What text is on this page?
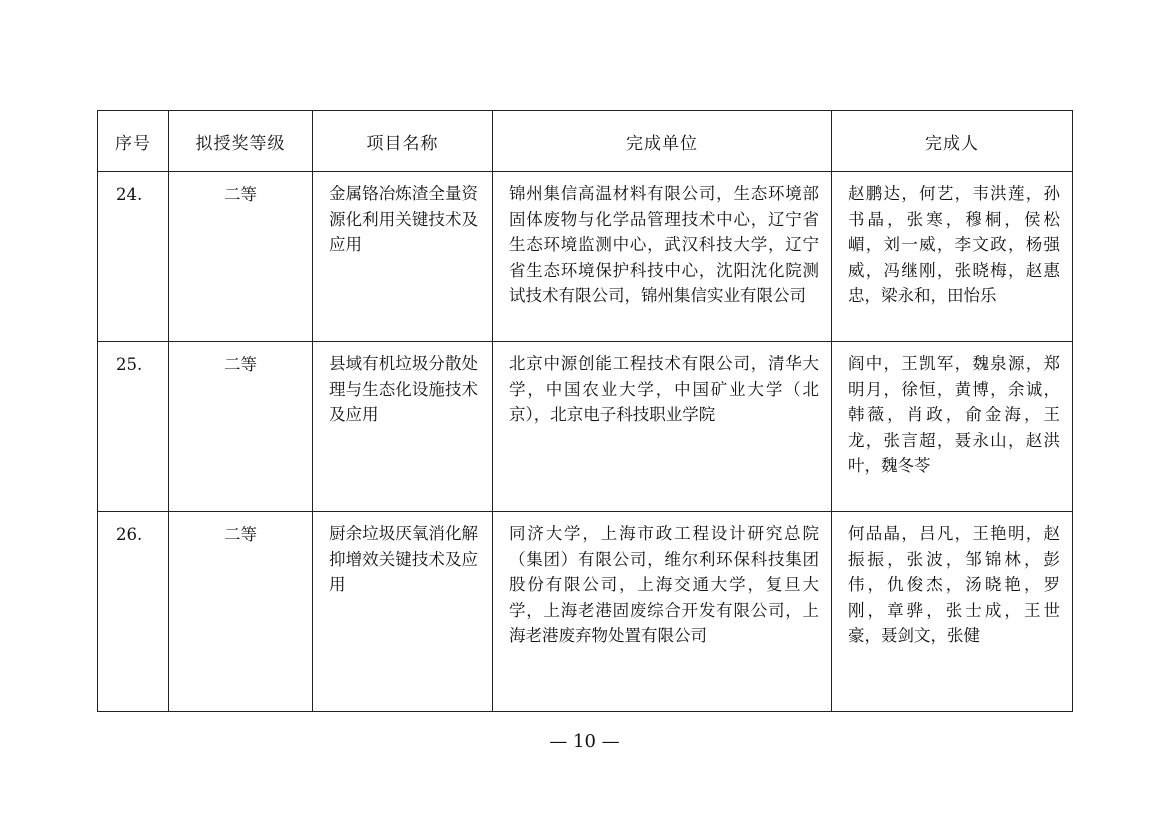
序号	拟授奖等级	项目名称	完成单位	完成人
24.	二等	金属铬冶炼渣全量资源化利用关键技术及应用	锦州集信高温材料有限公司，生态环境部固体废物与化学品管理技术中心，辽宁省生态环境监测中心，武汉科技大学，辽宁省生态环境保护科技中心，沈阳沈化院测试技术有限公司，锦州集信实业有限公司	赵鹏达，何艺，韦洪莲，孙书晶，张寒，穆桐，侯松嵋，刘一威，李文政，杨强威，冯继刚，张晓梅，赵惠忠，梁永和，田怡乐
25.	二等	县域有机垃圾分散处理与生态化设施技术及应用	北京中源创能工程技术有限公司，清华大学，中国农业大学，中国矿业大学（北京），北京电子科技职业学院	阎中，王凯军，魏泉源，郑明月，徐恒，黄博，余诚，韩薇，肖政，俞金海，王龙，张言超，聂永山，赵洪叶，魏冬苓
26.	二等	厨余垃圾厌氧消化解抑增效关键技术及应用	同济大学，上海市政工程设计研究总院（集团）有限公司，维尔利环保科技集团股份有限公司，上海交通大学，复旦大学，上海老港固废综合开发有限公司，上海老港废弃物处置有限公司	何品晶，吕凡，王艳明，赵振振，张波，邹锦林，彭伟，仇俊杰，汤晓艳，罗刚，章骅，张士成，王世豪，聂剑文，张健
— 10 —
